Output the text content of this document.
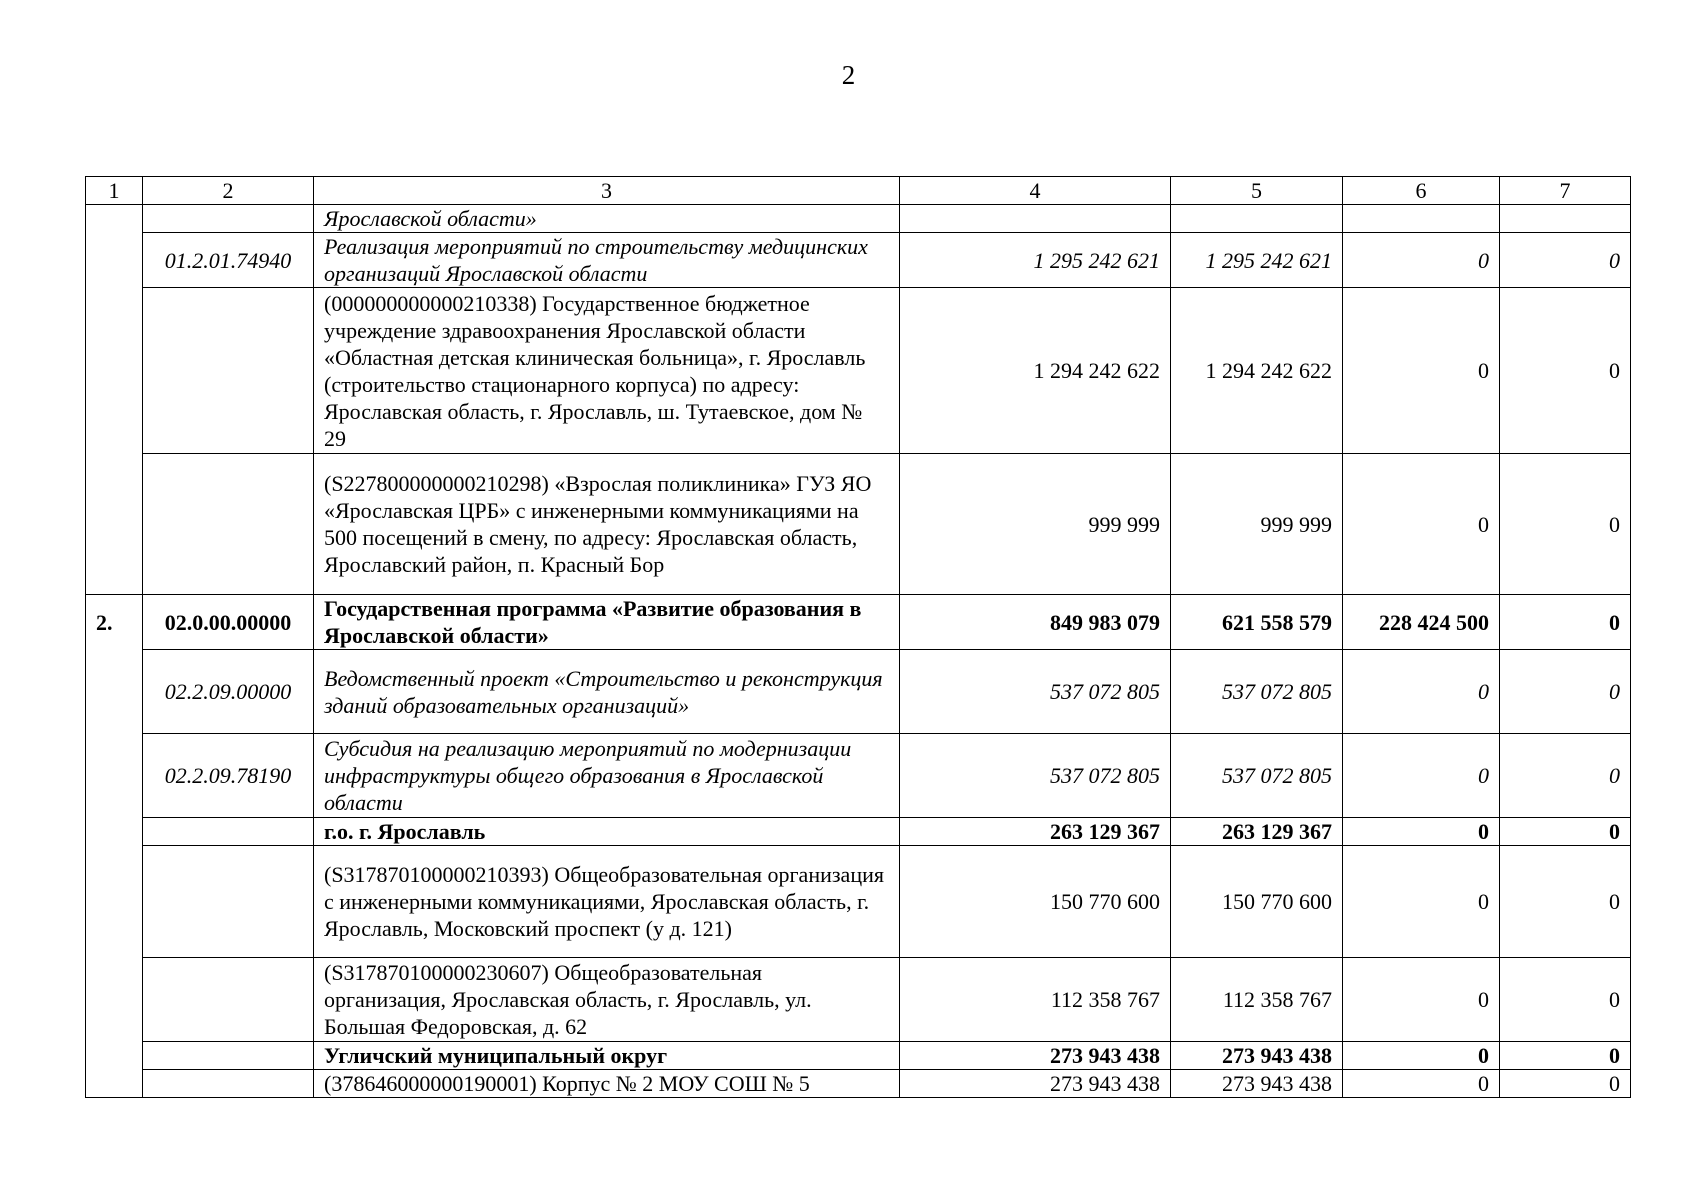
2
1	2	3	4	5	6	7
		Ярославской области»				
	01.2.01.74940	Реализация мероприятий по строительству медицинских организаций Ярославской области	1 295 242 621	1 295 242 621	0	0
		(000000000000210338) Государственное бюджетное учреждение здравоохранения Ярославской области «Областная детская клиническая больница», г. Ярославль (строительство стационарного корпуса) по адресу: Ярославская область, г. Ярославль, ш. Тутаевское, дом № 29	1 294 242 622	1 294 242 622	0	0
		(S227800000000210298) «Взрослая поликлиника» ГУЗ ЯО «Ярославская ЦРБ» с инженерными коммуникациями на 500 посещений в смену, по адресу: Ярославская область, Ярославский район, п. Красный Бор	999 999	999 999	0	0
2.	02.0.00.00000	Государственная программа «Развитие образования в Ярославской области»	849 983 079	621 558 579	228 424 500	0
	02.2.09.00000	Ведомственный проект «Строительство и реконструкция зданий образовательных организаций»	537 072 805	537 072 805	0	0
	02.2.09.78190	Субсидия на реализацию мероприятий по модернизации инфраструктуры общего образования в Ярославской области	537 072 805	537 072 805	0	0
		г.о. г. Ярославль	263 129 367	263 129 367	0	0
		(S317870100000210393) Общеобразовательная организация с инженерными коммуникациями, Ярославская область, г. Ярославль, Московский проспект (у д. 121)	150 770 600	150 770 600	0	0
		(S317870100000230607) Общеобразовательная организация, Ярославская область, г. Ярославль, ул. Большая Федоровская, д. 62	112 358 767	112 358 767	0	0
		Угличский муниципальный округ	273 943 438	273 943 438	0	0
		(378646000000190001) Корпус № 2 МОУ СОШ № 5	273 943 438	273 943 438	0	0
